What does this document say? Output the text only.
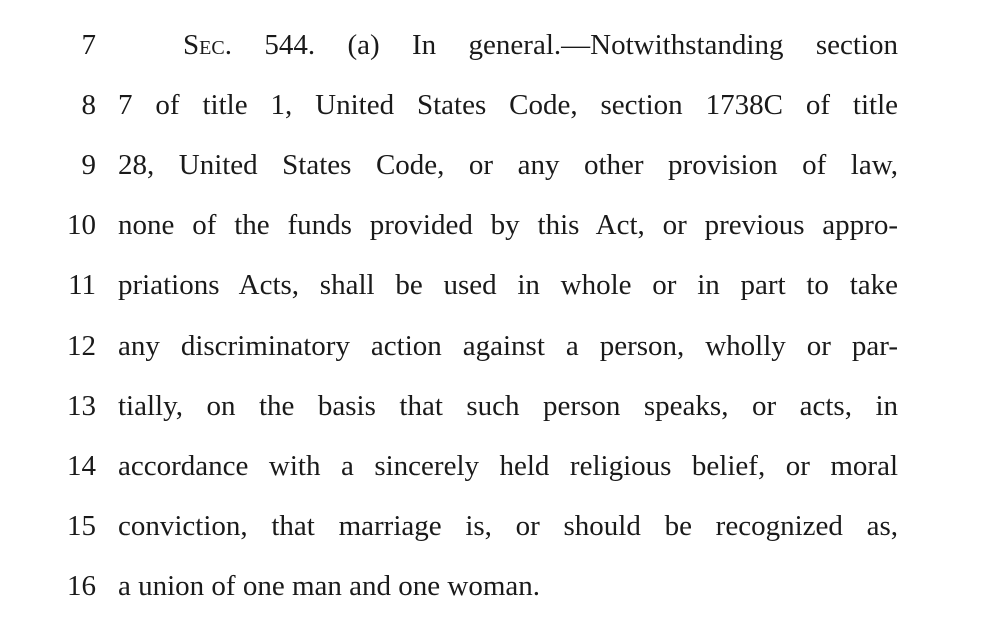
7	Sec. 544. (a) In general.—Notwithstanding section
8 7 of title 1, United States Code, section 1738C of title
9 28, United States Code, or any other provision of law,
10 none of the funds provided by this Act, or previous appro-
11 priations Acts, shall be used in whole or in part to take
12 any discriminatory action against a person, wholly or par-
13 tially, on the basis that such person speaks, or acts, in
14 accordance with a sincerely held religious belief, or moral
15 conviction, that marriage is, or should be recognized as,
16 a union of one man and one woman.
